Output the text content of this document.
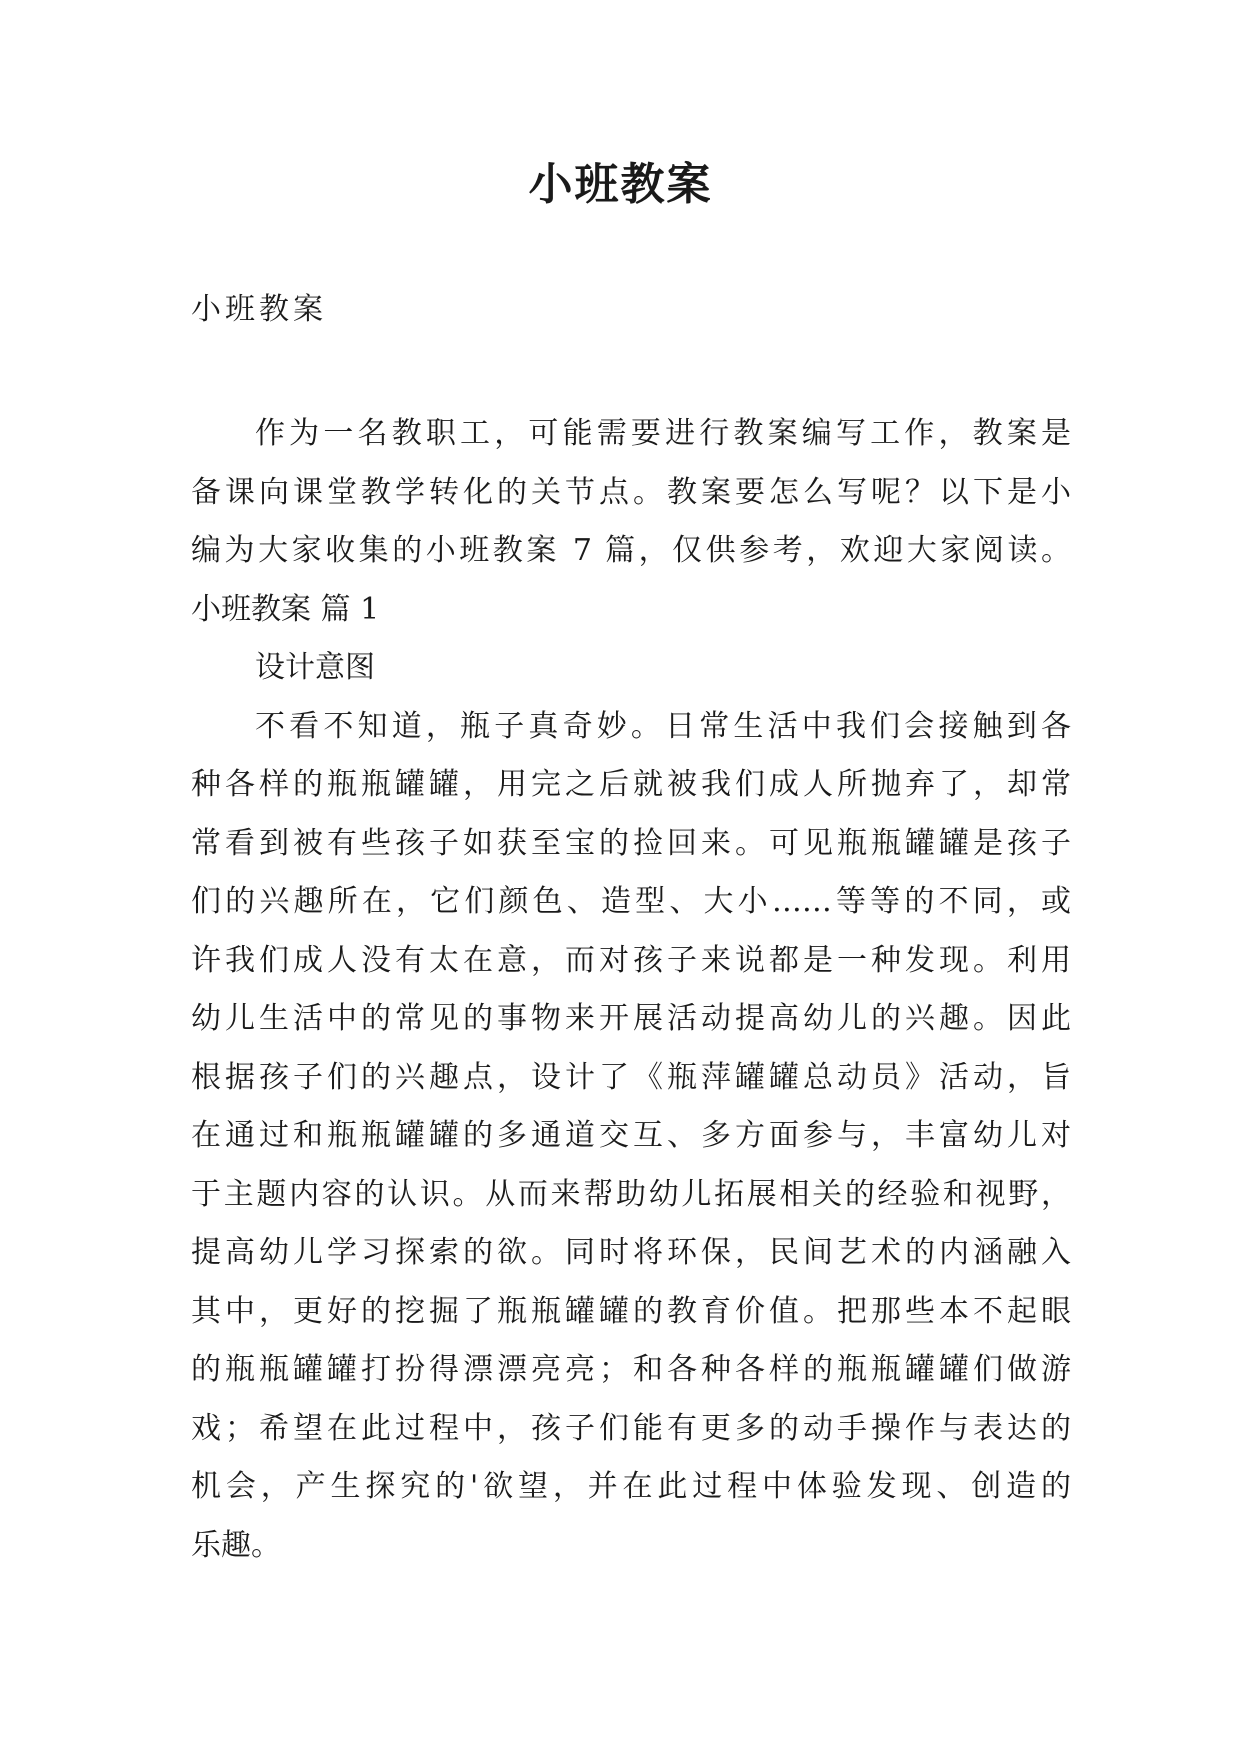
小班教案
小班教案
作为一名教职工，可能需要进行教案编写工作，教案是
备课向课堂教学转化的关节点。教案要怎么写呢？以下是小
编为大家收集的小班教案 7 篇，仅供参考，欢迎大家阅读。
小班教案 篇 1
设计意图
不看不知道，瓶子真奇妙。日常生活中我们会接触到各
种各样的瓶瓶罐罐，用完之后就被我们成人所抛弃了，却常
常看到被有些孩子如获至宝的捡回来。可见瓶瓶罐罐是孩子
们的兴趣所在，它们颜色、造型、大小……等等的不同，或
许我们成人没有太在意，而对孩子来说都是一种发现。利用
幼儿生活中的常见的事物来开展活动提高幼儿的兴趣。因此
根据孩子们的兴趣点，设计了《瓶萍罐罐总动员》活动，旨
在通过和瓶瓶罐罐的多通道交互、多方面参与，丰富幼儿对
于主题内容的认识。从而来帮助幼儿拓展相关的经验和视野，
提高幼儿学习探索的欲。同时将环保，民间艺术的内涵融入
其中，更好的挖掘了瓶瓶罐罐的教育价值。把那些本不起眼
的瓶瓶罐罐打扮得漂漂亮亮；和各种各样的瓶瓶罐罐们做游
戏；希望在此过程中，孩子们能有更多的动手操作与表达的
机会，产生探究的'欲望，并在此过程中体验发现、创造的
乐趣。
